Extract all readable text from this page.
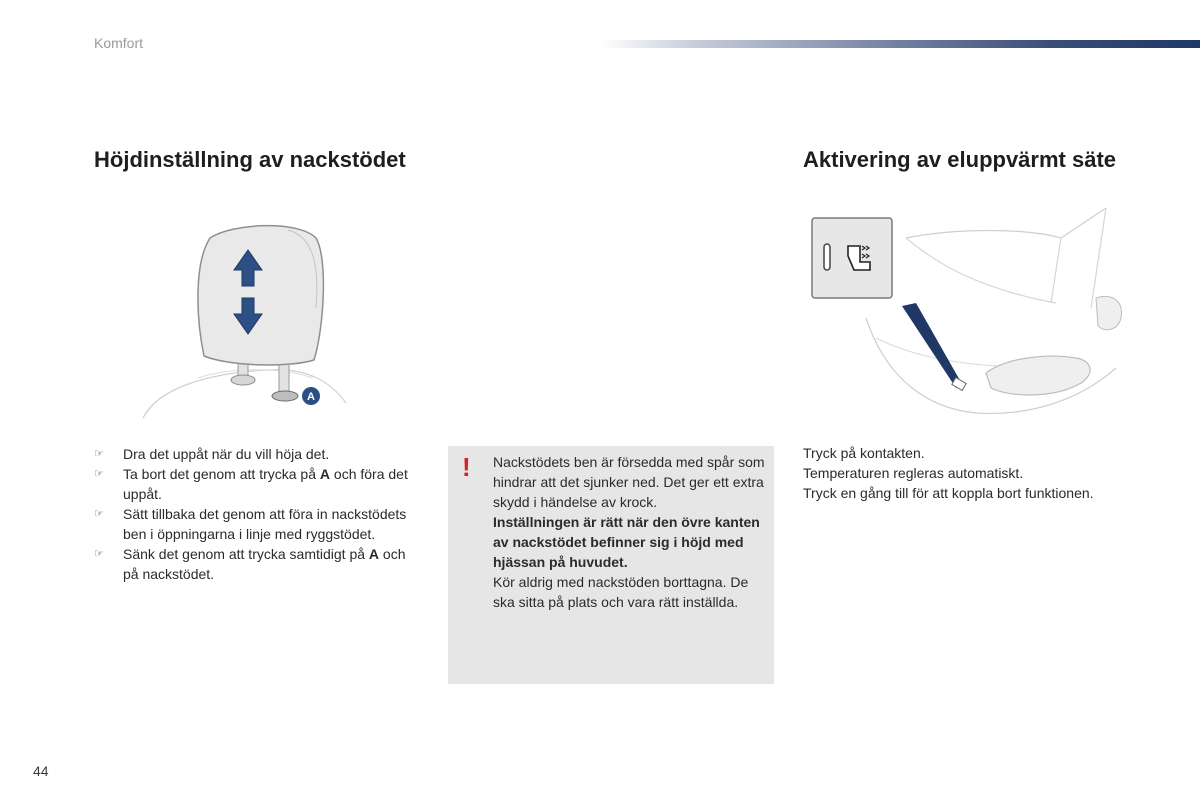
Komfort
Höjdinställning av nackstödet	Aktivering av eluppvärmt säte
A
☞ Dra det uppåt när du vill höja det.
☞ Ta bort det genom att trycka på A och föra det uppåt.
☞ Sätt tillbaka det genom att föra in nackstödets ben i öppningarna i linje med ryggstödet.
☞ Sänk det genom att trycka samtidigt på A och på nackstödet.
! Nackstödets ben är försedda med spår som hindrar att det sjunker ned. Det ger ett extra skydd i händelse av krock.

Inställningen är rätt när den övre kanten av nackstödet befinner sig i höjd med hjässan på huvudet.

Kör aldrig med nackstöden borttagna. De ska sitta på plats och vara rätt inställda.

Tryck på kontakten.

Temperaturen regleras automatiskt.

Tryck en gång till för att koppla bort funktionen.

44
